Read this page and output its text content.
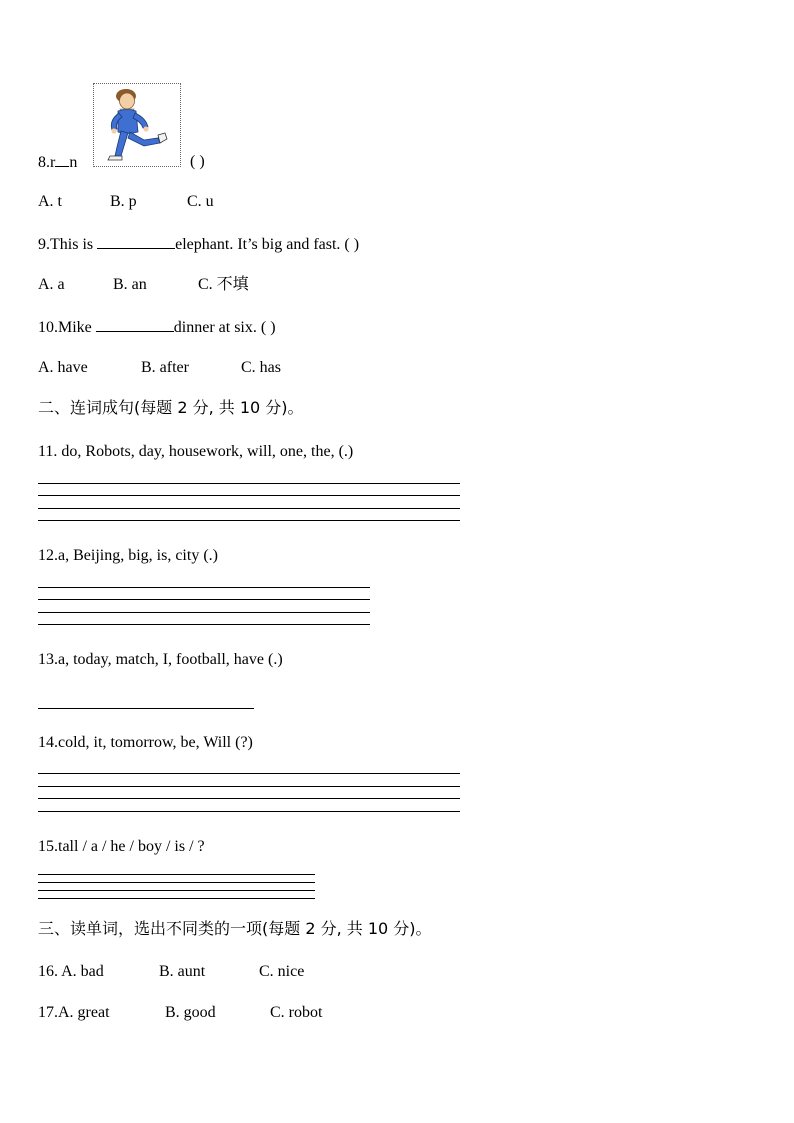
8.r n	( )
A. t	B. p	C. u
9.This is	elephant. It’s big and fast. ( )
A. a	B. an	C. 不填
10.Mike	dinner at six. ( )
A. have	B. after	C. has
二、连词成句(每题 2 分, 共 10 分)。
11. do, Robots, day, housework, will, one, the, (.)
12.a, Beijing, big, is, city (.)
13.a, today, match, I, football, have (.)
14.cold, it, tomorrow, be, Will (?)
15.tall / a / he / boy / is / ?
三、读单词，选出不同类的一项(每题 2 分, 共 10 分)。
16. A. bad	B. aunt	C. nice
17.A. great	B. good	C. robot
